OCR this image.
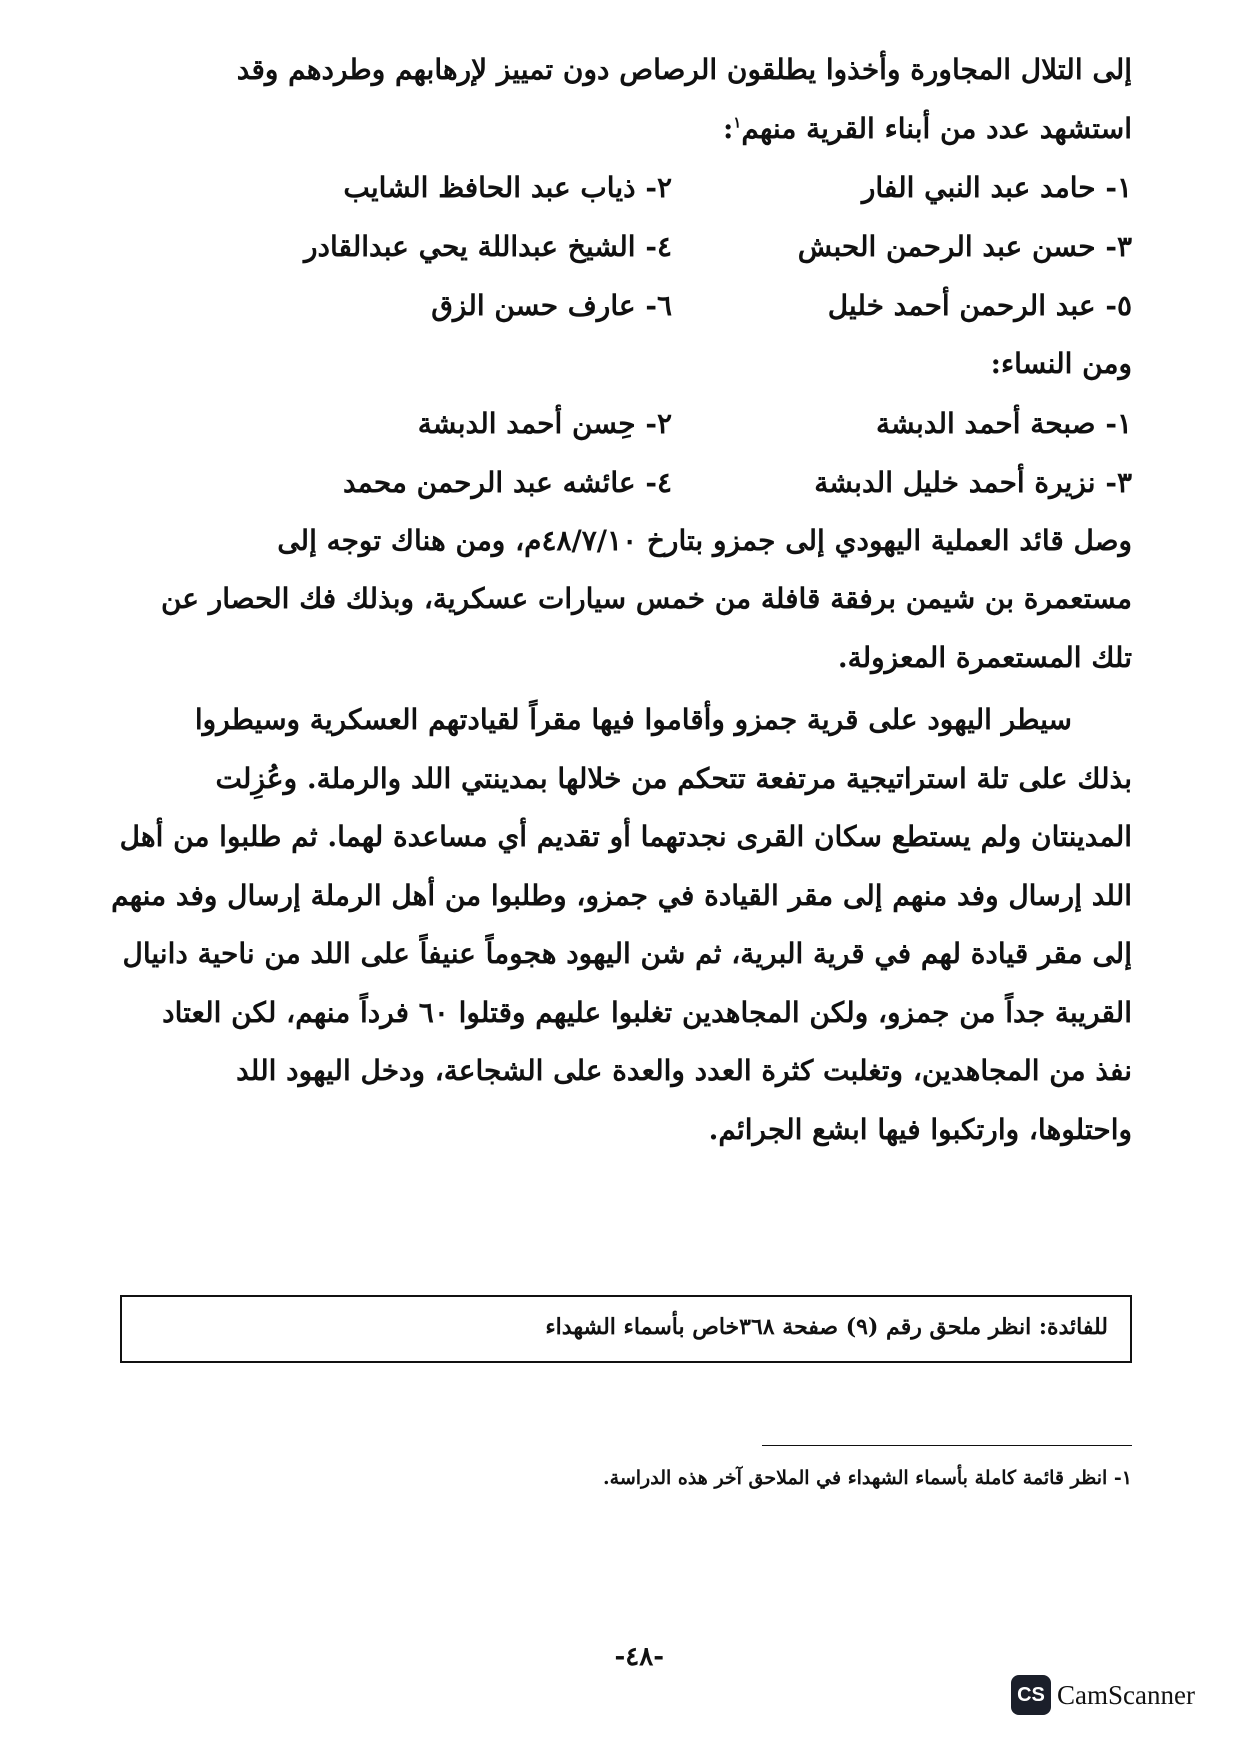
إلى التلال المجاورة وأخذوا يطلقون الرصاص دون تمييز لإرهابهم وطردهم وقد
استشهد عدد من أبناء القرية منهم$^١$:
١- حامد عبد النبي الفار
٢- ذياب عبد الحافظ الشايب
٣- حسن عبد الرحمن الحبش
٤- الشيخ عبداللة يحي عبدالقادر
٥- عبد الرحمن أحمد خليل
٦- عارف حسن الزق
ومن النساء:
١- صبحة أحمد الدبشة
٢- حِسن أحمد الدبشة
٣- نزيرة أحمد خليل الدبشة
٤- عائشه عبد الرحمن محمد
وصل قائد العملية اليهودي إلى جمزو بتارخ ٤٨/٧/١٠م، ومن هناك توجه إلى
مستعمرة بن شيمن برفقة قافلة من خمس سيارات عسكرية، وبذلك فك الحصار عن
تلك المستعمرة المعزولة.
سيطر اليهود على قرية جمزو وأقاموا فيها مقراً لقيادتهم العسكرية وسيطروا
بذلك على تلة استراتيجية مرتفعة تتحكم من خلالها بمدينتي اللد والرملة. وعُزِلت
المدينتان ولم يستطع سكان القرى نجدتهما أو تقديم أي مساعدة لهما. ثم طلبوا من أهل
اللد إرسال وفد منهم إلى مقر القيادة في جمزو، وطلبوا من أهل الرملة إرسال وفد منهم
إلى مقر قيادة لهم في قرية البرية، ثم شن اليهود هجوماً عنيفاً على اللد من ناحية دانيال
القريبة جداً من جمزو، ولكن المجاهدين تغلبوا عليهم وقتلوا ٦٠ فرداً منهم، لكن العتاد
نفذ من المجاهدين، وتغلبت كثرة العدد والعدة على الشجاعة، ودخل اليهود اللد
واحتلوها، وارتكبوا فيها ابشع الجرائم.
للفائدة: انظر ملحق رقم (٩) صفحة ٣٦٨خاص بأسماء الشهداء
١- انظر قائمة كاملة بأسماء الشهداء في الملاحق آخر هذه الدراسة.
-٤٨-
CS CamScanner
